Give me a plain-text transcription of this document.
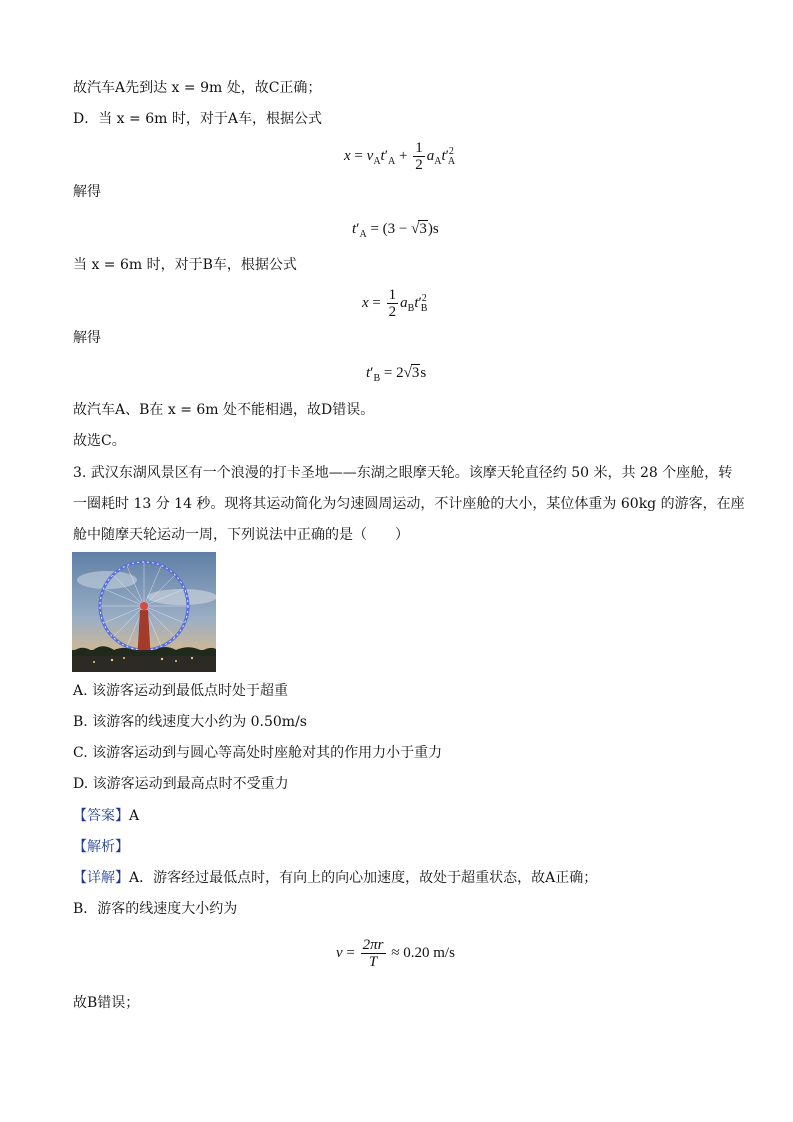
故汽车A先到达 x = 9m 处，故C正确；
D．当 x = 6m 时，对于A车，根据公式
$x = v_At'_A + \frac{1}{2} a_At'^2_A$
解得
$t'_A = (3 - √3)s$
当 x = 6m 时，对于B车，根据公式
$x = \frac{1}{2} a_Bt'^2_B$
解得
$t'_B = 2√3s$
故汽车A、B在 x = 6m 处不能相遇，故D错误。
故选C。
3. 武汉东湖风景区有一个浪漫的打卡圣地——东湖之眼摩天轮。该摩天轮直径约 50 米，共 28 个座舱，转
一圈耗时 13 分 14 秒。现将其运动简化为匀速圆周运动，不计座舱的大小，某位体重为 60kg 的游客，在座
舱中随摩天轮运动一周，下列说法中正确的是（　　）
A. 该游客运动到最低点时处于超重
B. 该游客的线速度大小约为 0.50m/s
C. 该游客运动到与圆心等高处时座舱对其的作用力小于重力
D. 该游客运动到最高点时不受重力
【答案】A
【解析】
【详解】A．游客经过最低点时，有向上的向心加速度，故处于超重状态，故A正确；
B．游客的线速度大小约为
$v = \frac{2\pi r}{T} \approx 0.20$ m/s
故B错误；
